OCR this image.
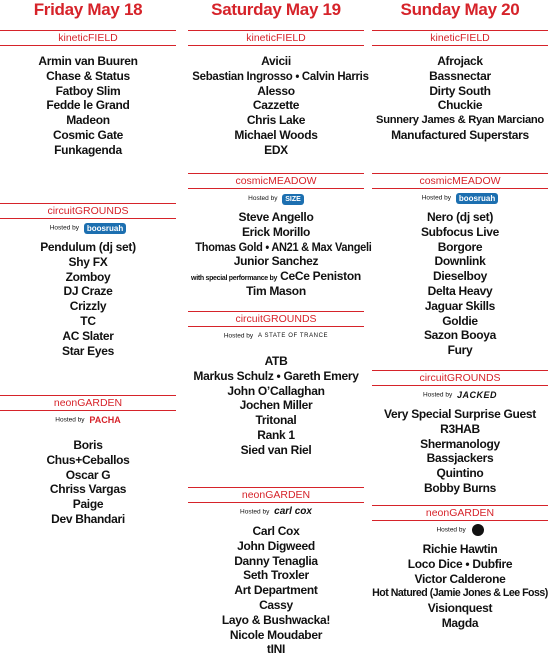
Friday May 18
kineticFIELD
Armin van Buuren
Chase & Status
Fatboy Slim
Fedde le Grand
Madeon
Cosmic Gate
Funkagenda
circuitGROUNDS
Hosted by boosruah
Pendulum (dj set)
Shy FX
Zomboy
DJ Craze
Crizzly
TC
AC Slater
Star Eyes
neonGARDEN
Hosted by PACHA
Boris
Chus+Ceballos
Oscar G
Chriss Vargas
Paige
Dev Bhandari
Saturday May 19
kineticFIELD
Avicii
Sebastian Ingrosso • Calvin Harris
Alesso
Cazzette
Chris Lake
Michael Woods
EDX
cosmicMEADOW
Hosted by SIZE
Steve Angello
Erick Morillo
Thomas Gold • AN21 & Max Vangeli
Junior Sanchez
with special performance by CeCe Peniston
Tim Mason
circuitGROUNDS
Hosted by A STATE OF TRANCE
ATB
Markus Schulz • Gareth Emery
John O’Callaghan
Jochen Miller
Tritonal
Rank 1
Sied van Riel
neonGARDEN
Hosted by carl cox
Carl Cox
John Digweed
Danny Tenaglia
Seth Troxler
Art Department
Cassy
Layo & Bushwacka!
Nicole Moudaber
tINI
Sunday May 20
kineticFIELD
Afrojack
Bassnectar
Dirty South
Chuckie
Sunnery James & Ryan Marciano
Manufactured Superstars
cosmicMEADOW
Hosted by boosruah
Nero (dj set)
Subfocus Live
Borgore
Downlink
Dieselboy
Delta Heavy
Jaguar Skills
Goldie
Sazon Booya
Fury
circuitGROUNDS
Hosted by JACKED
Very Special Surprise Guest
R3HAB
Shermanology
Bassjackers
Quintino
Bobby Burns
neonGARDEN
Hosted by
Richie Hawtin
Loco Dice • Dubfire
Victor Calderone
Hot Natured (Jamie Jones & Lee Foss)
Visionquest
Magda
